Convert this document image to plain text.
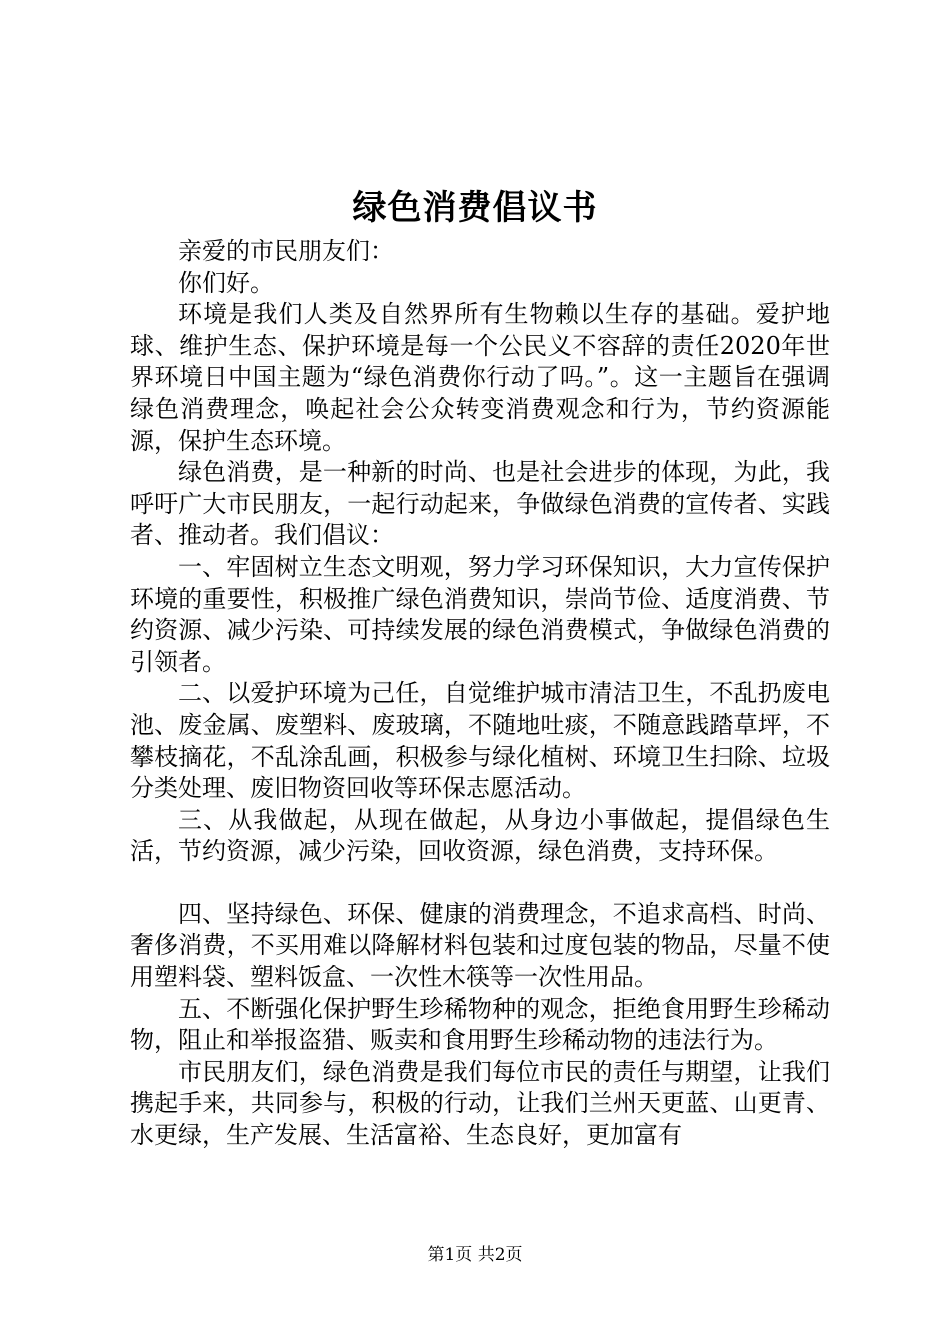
绿色消费倡议书

亲爱的市民朋友们：

你们好。

环境是我们人类及自然界所有生物赖以生存的基础。爱护地球、维护生态、保护环境是每一个公民义不容辞的责任2020年世界环境日中国主题为“绿色消费你行动了吗。”。这一主题旨在强调绿色消费理念，唤起社会公众转变消费观念和行为，节约资源能源，保护生态环境。

绿色消费，是一种新的时尚、也是社会进步的体现，为此，我呼吁广大市民朋友，一起行动起来，争做绿色消费的宣传者、实践者、推动者。我们倡议：

一、牢固树立生态文明观，努力学习环保知识，大力宣传保护环境的重要性，积极推广绿色消费知识，崇尚节俭、适度消费、节约资源、减少污染、可持续发展的绿色消费模式，争做绿色消费的引领者。

二、以爱护环境为己任，自觉维护城市清洁卫生，不乱扔废电池、废金属、废塑料、废玻璃，不随地吐痰，不随意践踏草坪，不攀枝摘花，不乱涂乱画，积极参与绿化植树、环境卫生扫除、垃圾分类处理、废旧物资回收等环保志愿活动。

三、从我做起，从现在做起，从身边小事做起，提倡绿色生活，节约资源，减少污染，回收资源，绿色消费，支持环保。

四、坚持绿色、环保、健康的消费理念，不追求高档、时尚、奢侈消费，不买用难以降解材料包装和过度包装的物品，尽量不使用塑料袋、塑料饭盒、一次性木筷等一次性用品。

五、不断强化保护野生珍稀物种的观念，拒绝食用野生珍稀动物，阻止和举报盗猎、贩卖和食用野生珍稀动物的违法行为。

市民朋友们，绿色消费是我们每位市民的责任与期望，让我们携起手来，共同参与，积极的行动，让我们兰州天更蓝、山更青、水更绿，生产发展、生活富裕、生态良好，更加富有

第1页 共2页
